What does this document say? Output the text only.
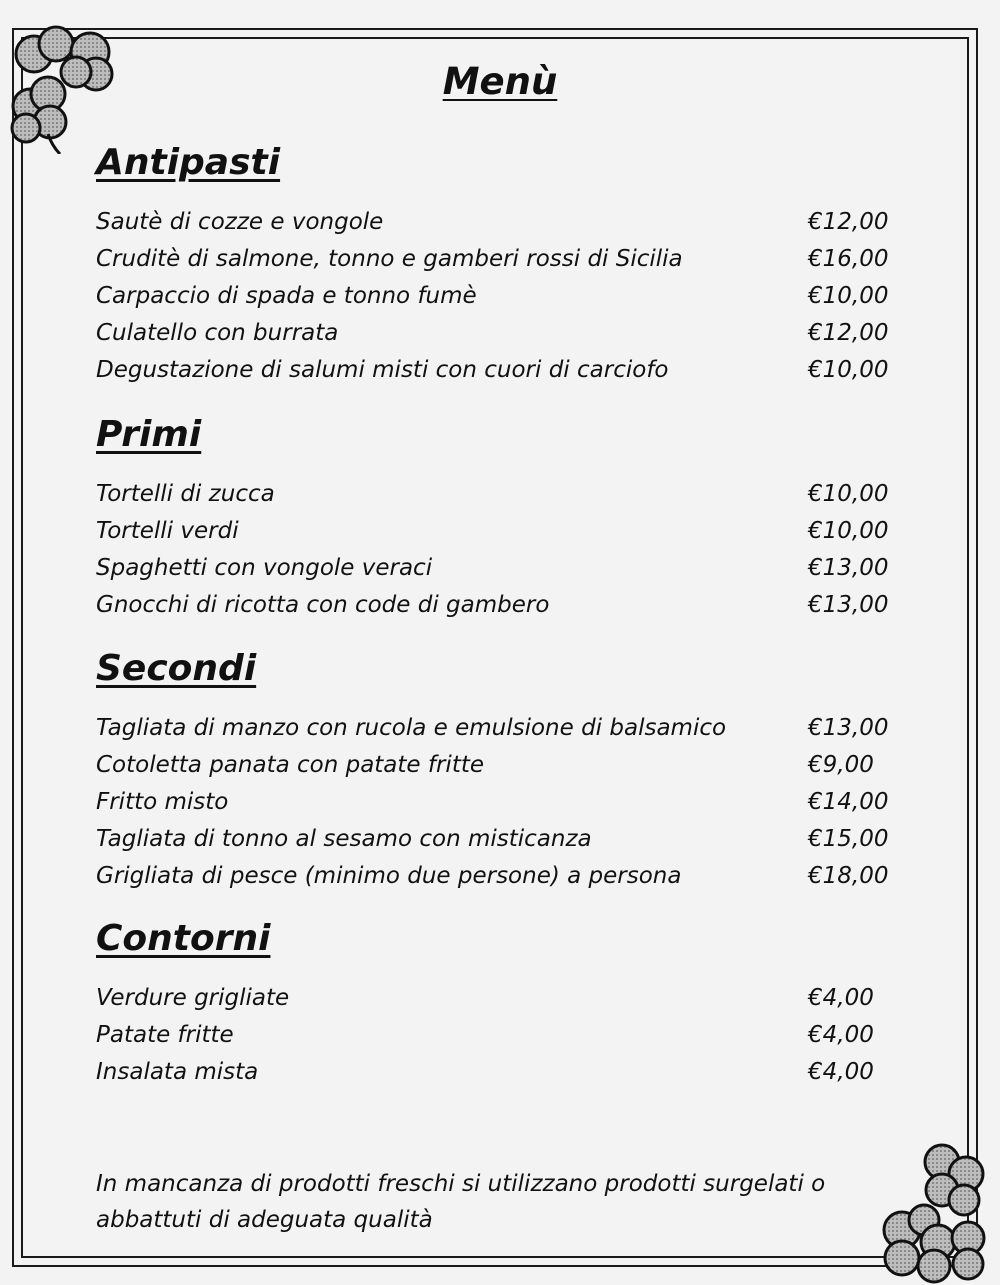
Menù
Antipasti
Sautè di cozze e vongole	€12,00
Cruditè di salmone, tonno e gamberi rossi di Sicilia	€16,00
Carpaccio di spada e tonno fumè	€10,00
Culatello con burrata	€12,00
Degustazione di salumi misti con cuori di carciofo	€10,00
Primi
Tortelli di zucca	€10,00
Tortelli verdi	€10,00
Spaghetti con vongole veraci	€13,00
Gnocchi di ricotta con code di gambero	€13,00
Secondi
Tagliata di manzo con rucola e emulsione di balsamico	€13,00
Cotoletta panata con patate fritte	€9,00
Fritto misto	€14,00
Tagliata di tonno al sesamo con misticanza	€15,00
Grigliata di pesce (minimo due persone) a persona	€18,00
Contorni
Verdure grigliate	€4,00
Patate fritte	€4,00
Insalata mista	€4,00
In mancanza di prodotti freschi si utilizzano prodotti surgelati o
abbattuti di adeguata qualità
